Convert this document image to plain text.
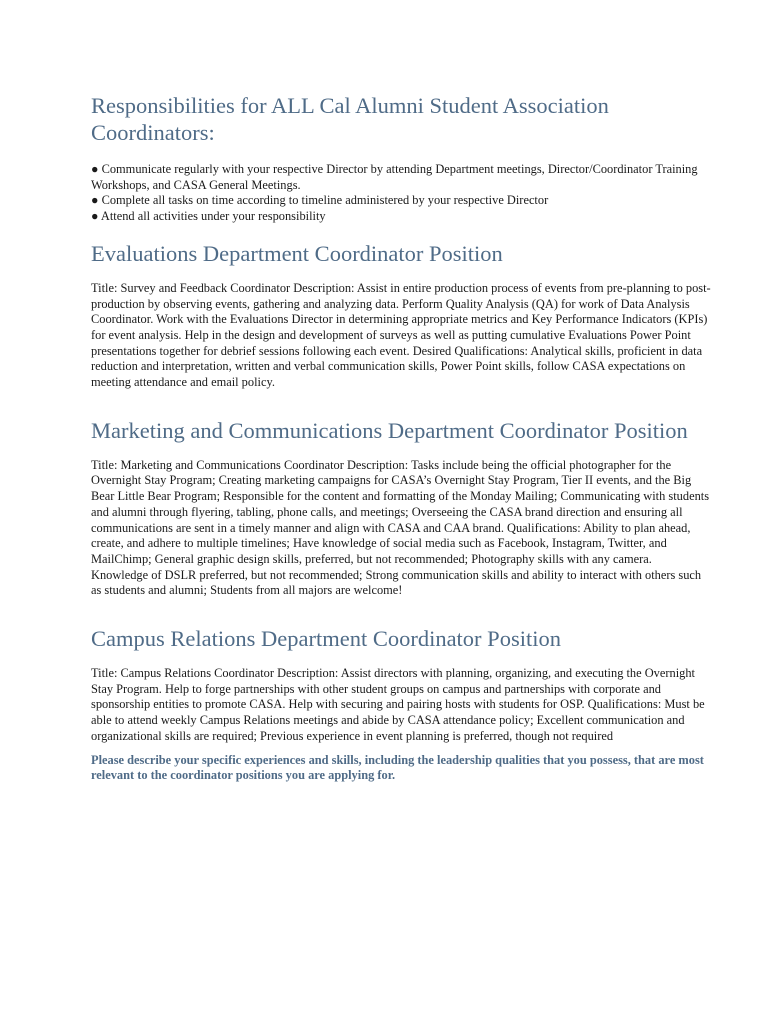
Responsibilities for ALL Cal Alumni Student Association Coordinators:
● Communicate regularly with your respective Director by attending Department meetings, Director/Coordinator Training Workshops, and CASA General Meetings.
● Complete all tasks on time according to timeline administered by your respective Director
● Attend all activities under your responsibility
Evaluations Department Coordinator Position

Title: Survey and Feedback Coordinator Description: Assist in entire production process of events from pre-planning to post-production by observing events, gathering and analyzing data. Perform Quality Analysis (QA) for work of Data Analysis Coordinator. Work with the Evaluations Director in determining appropriate metrics and Key Performance Indicators (KPIs) for event analysis. Help in the design and development of surveys as well as putting cumulative Evaluations Power Point presentations together for debrief sessions following each event. Desired Qualifications: Analytical skills, proficient in data reduction and interpretation, written and verbal communication skills, Power Point skills, follow CASA expectations on meeting attendance and email policy.

Marketing and Communications Department Coordinator Position

Title: Marketing and Communications Coordinator Description: Tasks include being the official photographer for the Overnight Stay Program; Creating marketing campaigns for CASA’s Overnight Stay Program, Tier II events, and the Big Bear Little Bear Program; Responsible for the content and formatting of the Monday Mailing; Communicating with students and alumni through flyering, tabling, phone calls, and meetings; Overseeing the CASA brand direction and ensuring all communications are sent in a timely manner and align with CASA and CAA brand. Qualifications: Ability to plan ahead, create, and adhere to multiple timelines; Have knowledge of social media such as Facebook, Instagram, Twitter, and MailChimp; General graphic design skills, preferred, but not recommended; Photography skills with any camera. Knowledge of DSLR preferred, but not recommended; Strong communication skills and ability to interact with others such as students and alumni; Students from all majors are welcome!

Campus Relations Department Coordinator Position

Title: Campus Relations Coordinator Description: Assist directors with planning, organizing, and executing the Overnight Stay Program. Help to forge partnerships with other student groups on campus and partnerships with corporate and sponsorship entities to promote CASA. Help with securing and pairing hosts with students for OSP. Qualifications: Must be able to attend weekly Campus Relations meetings and abide by CASA attendance policy; Excellent communication and organizational skills are required; Previous experience in event planning is preferred, though not required

Please describe your specific experiences and skills, including the leadership qualities that you possess, that are most relevant to the coordinator positions you are applying for.
